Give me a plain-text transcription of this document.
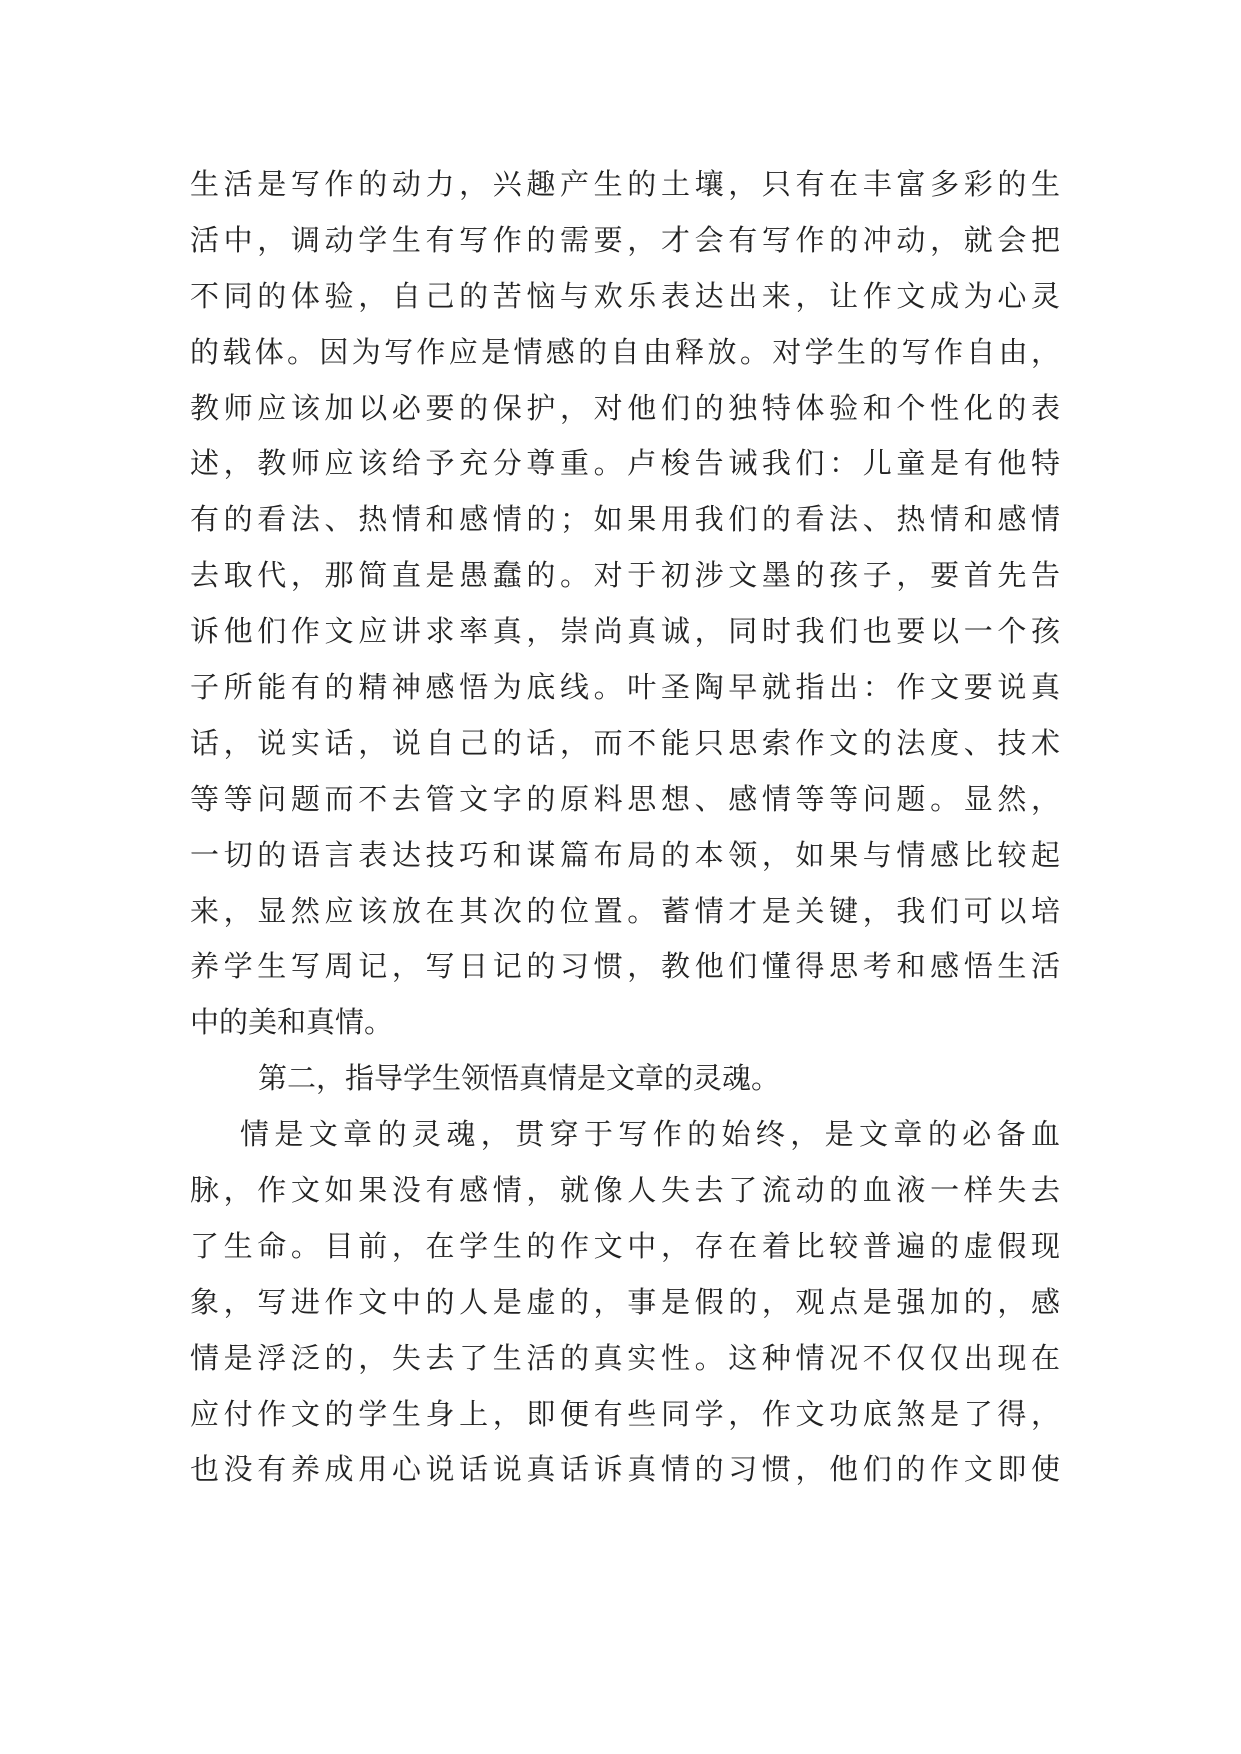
生活是写作的动力，兴趣产生的土壤，只有在丰富多彩的生
活中，调动学生有写作的需要，才会有写作的冲动，就会把
不同的体验，自己的苦恼与欢乐表达出来，让作文成为心灵
的载体。因为写作应是情感的自由释放。对学生的写作自由，
教师应该加以必要的保护，对他们的独特体验和个性化的表
述，教师应该给予充分尊重。卢梭告诫我们：儿童是有他特
有的看法、热情和感情的；如果用我们的看法、热情和感情
去取代，那简直是愚蠢的。对于初涉文墨的孩子，要首先告
诉他们作文应讲求率真，崇尚真诚，同时我们也要以一个孩
子所能有的精神感悟为底线。叶圣陶早就指出：作文要说真
话，说实话，说自己的话，而不能只思索作文的法度、技术
等等问题而不去管文字的原料思想、感情等等问题。显然，
一切的语言表达技巧和谋篇布局的本领，如果与情感比较起
来，显然应该放在其次的位置。蓄情才是关键，我们可以培
养学生写周记，写日记的习惯，教他们懂得思考和感悟生活
中的美和真情。
第二，指导学生领悟真情是文章的灵魂。
情是文章的灵魂，贯穿于写作的始终，是文章的必备血
脉，作文如果没有感情，就像人失去了流动的血液一样失去
了生命。目前，在学生的作文中，存在着比较普遍的虚假现
象，写进作文中的人是虚的，事是假的，观点是强加的，感
情是浮泛的，失去了生活的真实性。这种情况不仅仅出现在
应付作文的学生身上，即便有些同学，作文功底煞是了得，
也没有养成用心说话说真话诉真情的习惯，他们的作文即使
